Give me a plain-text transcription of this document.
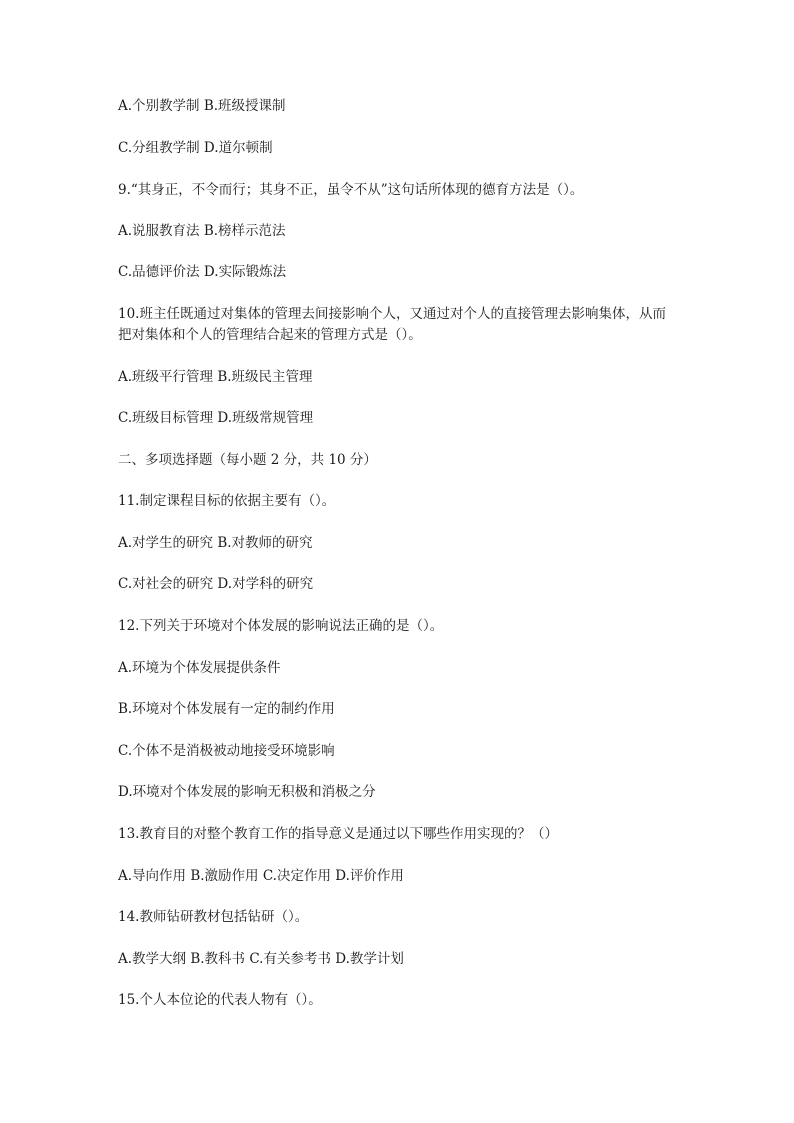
A.个别教学制 B.班级授课制
C.分组教学制 D.道尔顿制
9.“其身正，不令而行；其身不正，虽令不从”这句话所体现的德育方法是（）。
A.说服教育法 B.榜样示范法
C.品德评价法 D.实际锻炼法
10.班主任既通过对集体的管理去间接影响个人，又通过对个人的直接管理去影响集体，从而把对集体和个人的管理结合起来的管理方式是（）。
A.班级平行管理 B.班级民主管理
C.班级目标管理 D.班级常规管理
二、多项选择题（每小题 2 分，共 10 分）
11.制定课程目标的依据主要有（）。
A.对学生的研究 B.对教师的研究
C.对社会的研究 D.对学科的研究
12.下列关于环境对个体发展的影响说法正确的是（）。
A.环境为个体发展提供条件
B.环境对个体发展有一定的制约作用
C.个体不是消极被动地接受环境影响
D.环境对个体发展的影响无积极和消极之分
13.教育目的对整个教育工作的指导意义是通过以下哪些作用实现的？（）
A.导向作用 B.激励作用 C.决定作用 D.评价作用
14.教师钻研教材包括钻研（）。
A.教学大纲 B.教科书 C.有关参考书 D.教学计划
15.个人本位论的代表人物有（）。
